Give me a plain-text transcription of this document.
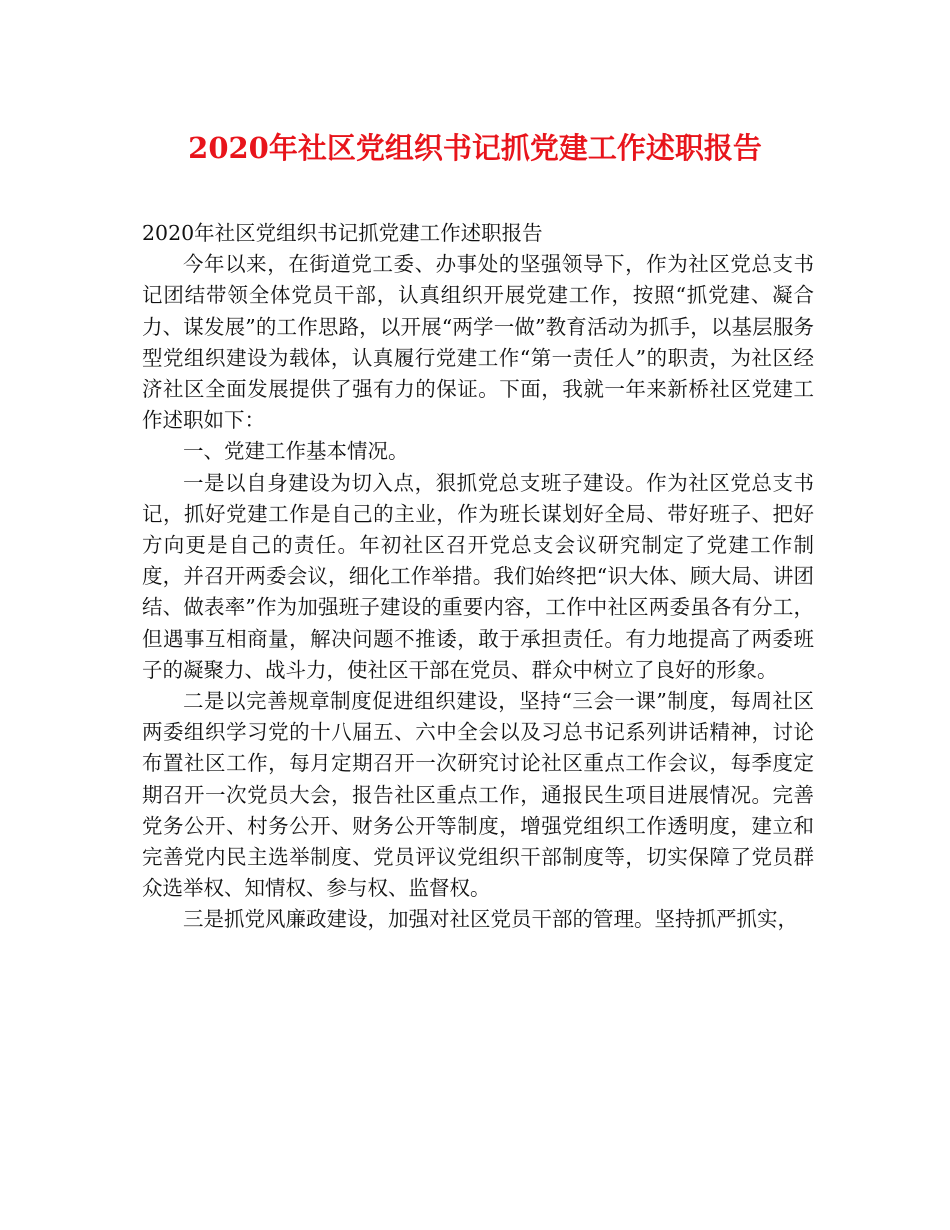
2020年社区党组织书记抓党建工作述职报告

2020年社区党组织书记抓党建工作述职报告

今年以来，在街道党工委、办事处的坚强领导下，作为社区党总支书记团结带领全体党员干部，认真组织开展党建工作，按照“抓党建、凝合力、谋发展”的工作思路，以开展“两学一做”教育活动为抓手，以基层服务型党组织建设为载体，认真履行党建工作“第一责任人”的职责，为社区经济社区全面发展提供了强有力的保证。下面，我就一年来新桥社区党建工作述职如下：

一、党建工作基本情况。

一是以自身建设为切入点，狠抓党总支班子建设。作为社区党总支书记，抓好党建工作是自己的主业，作为班长谋划好全局、带好班子、把好方向更是自己的责任。年初社区召开党总支会议研究制定了党建工作制度，并召开两委会议，细化工作举措。我们始终把“识大体、顾大局、讲团结、做表率”作为加强班子建设的重要内容，工作中社区两委虽各有分工，但遇事互相商量，解决问题不推诿，敢于承担责任。有力地提高了两委班子的凝聚力、战斗力，使社区干部在党员、群众中树立了良好的形象。

二是以完善规章制度促进组织建设，坚持“三会一课”制度，每周社区两委组织学习党的十八届五、六中全会以及习总书记系列讲话精神，讨论布置社区工作，每月定期召开一次研究讨论社区重点工作会议，每季度定期召开一次党员大会，报告社区重点工作，通报民生项目进展情况。完善党务公开、村务公开、财务公开等制度，增强党组织工作透明度，建立和完善党内民主选举制度、党员评议党组织干部制度等，切实保障了党员群众选举权、知情权、参与权、监督权。

三是抓党风廉政建设，加强对社区党员干部的管理。坚持抓严抓实，
